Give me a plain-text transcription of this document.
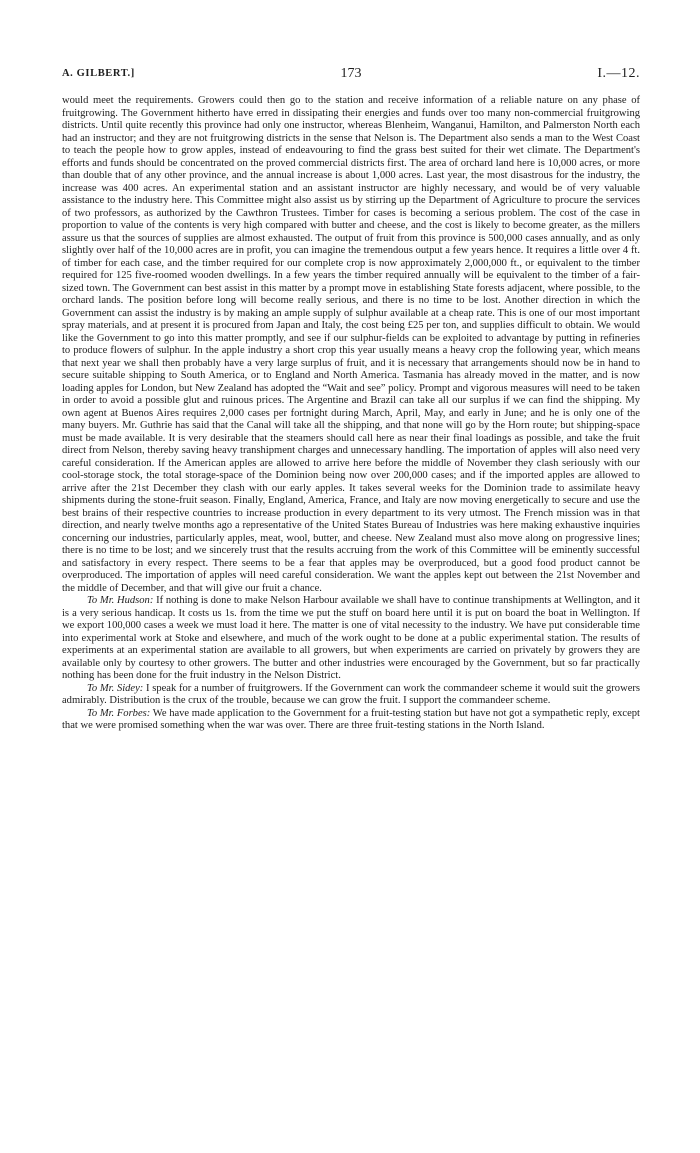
A. GILBERT.]	173	I.—12.

would meet the requirements. Growers could then go to the station and receive information of a reliable nature on any phase of fruitgrowing. The Government hitherto have erred in dissipating their energies and funds over too many non-commercial fruitgrowing districts. Until quite recently this province had only one instructor, whereas Blenheim, Wanganui, Hamilton, and Palmerston North each had an instructor; and they are not fruitgrowing districts in the sense that Nelson is. The Department also sends a man to the West Coast to teach the people how to grow apples, instead of endeavouring to find the grass best suited for their wet climate. The Department's efforts and funds should be concentrated on the proved commercial districts first. The area of orchard land here is 10,000 acres, or more than double that of any other province, and the annual increase is about 1,000 acres. Last year, the most disastrous for the industry, the increase was 400 acres. An experimental station and an assistant instructor are highly necessary, and would be of very valuable assistance to the industry here. This Committee might also assist us by stirring up the Department of Agriculture to procure the services of two professors, as authorized by the Cawthron Trustees. Timber for cases is becoming a serious problem. The cost of the case in proportion to value of the contents is very high compared with butter and cheese, and the cost is likely to become greater, as the millers assure us that the sources of supplies are almost exhausted. The output of fruit from this province is 500,000 cases annually, and as only slightly over half of the 10,000 acres are in profit, you can imagine the tremendous output a few years hence. It requires a little over 4 ft. of timber for each case, and the timber required for our complete crop is now approximately 2,000,000 ft., or equivalent to the timber required for 125 five-roomed wooden dwellings. In a few years the timber required annually will be equivalent to the timber of a fair-sized town. The Government can best assist in this matter by a prompt move in establishing State forests adjacent, where possible, to the orchard lands. The position before long will become really serious, and there is no time to be lost. Another direction in which the Government can assist the industry is by making an ample supply of sulphur available at a cheap rate. This is one of our most important spray materials, and at present it is procured from Japan and Italy, the cost being £25 per ton, and supplies difficult to obtain. We would like the Government to go into this matter promptly, and see if our sulphur-fields can be exploited to advantage by putting in refineries to produce flowers of sulphur. In the apple industry a short crop this year usually means a heavy crop the following year, which means that next year we shall then probably have a very large surplus of fruit, and it is necessary that arrangements should now be in hand to secure suitable shipping to South America, or to England and North America. Tasmania has already moved in the matter, and is now loading apples for London, but New Zealand has adopted the “Wait and see” policy. Prompt and vigorous measures will need to be taken in order to avoid a possible glut and ruinous prices. The Argentine and Brazil can take all our surplus if we can find the shipping. My own agent at Buenos Aires requires 2,000 cases per fortnight during March, April, May, and early in June; and he is only one of the many buyers. Mr. Guthrie has said that the Canal will take all the shipping, and that none will go by the Horn route; but shipping-space must be made available. It is very desirable that the steamers should call here as near their final loadings as possible, and take the fruit direct from Nelson, thereby saving heavy transhipment charges and unnecessary handling. The importation of apples will also need very careful consideration. If the American apples are allowed to arrive here before the middle of November they clash seriously with our cool-storage stock, the total storage-space of the Dominion being now over 200,000 cases; and if the imported apples are allowed to arrive after the 21st December they clash with our early apples. It takes several weeks for the Dominion trade to assimilate heavy shipments during the stone-fruit season. Finally, England, America, France, and Italy are now moving energetically to secure and use the best brains of their respective countries to increase production in every department to its very utmost. The French mission was in that direction, and nearly twelve months ago a representative of the United States Bureau of Industries was here making exhaustive inquiries concerning our industries, particularly apples, meat, wool, butter, and cheese. New Zealand must also move along on progressive lines; there is no time to be lost; and we sincerely trust that the results accruing from the work of this Committee will be eminently successful and satisfactory in every respect. There seems to be a fear that apples may be overproduced, but a good food product cannot be overproduced. The importation of apples will need careful consideration. We want the apples kept out between the 21st November and the middle of December, and that will give our fruit a chance.

To Mr. Hudson: If nothing is done to make Nelson Harbour available we shall have to continue transhipments at Wellington, and it is a very serious handicap. It costs us 1s. from the time we put the stuff on board here until it is put on board the boat in Wellington. If we export 100,000 cases a week we must load it here. The matter is one of vital necessity to the industry. We have put considerable time into experimental work at Stoke and elsewhere, and much of the work ought to be done at a public experimental station. The results of experiments at an experimental station are available to all growers, but when experiments are carried on privately by growers they are available only by courtesy to other growers. The butter and other industries were encouraged by the Government, but so far practically nothing has been done for the fruit industry in the Nelson District.

To Mr. Sidey: I speak for a number of fruitgrowers. If the Government can work the commandeer scheme it would suit the growers admirably. Distribution is the crux of the trouble, because we can grow the fruit. I support the commandeer scheme.

To Mr. Forbes: We have made application to the Government for a fruit-testing station but have not got a sympathetic reply, except that we were promised something when the war was over. There are three fruit-testing stations in the North Island.
